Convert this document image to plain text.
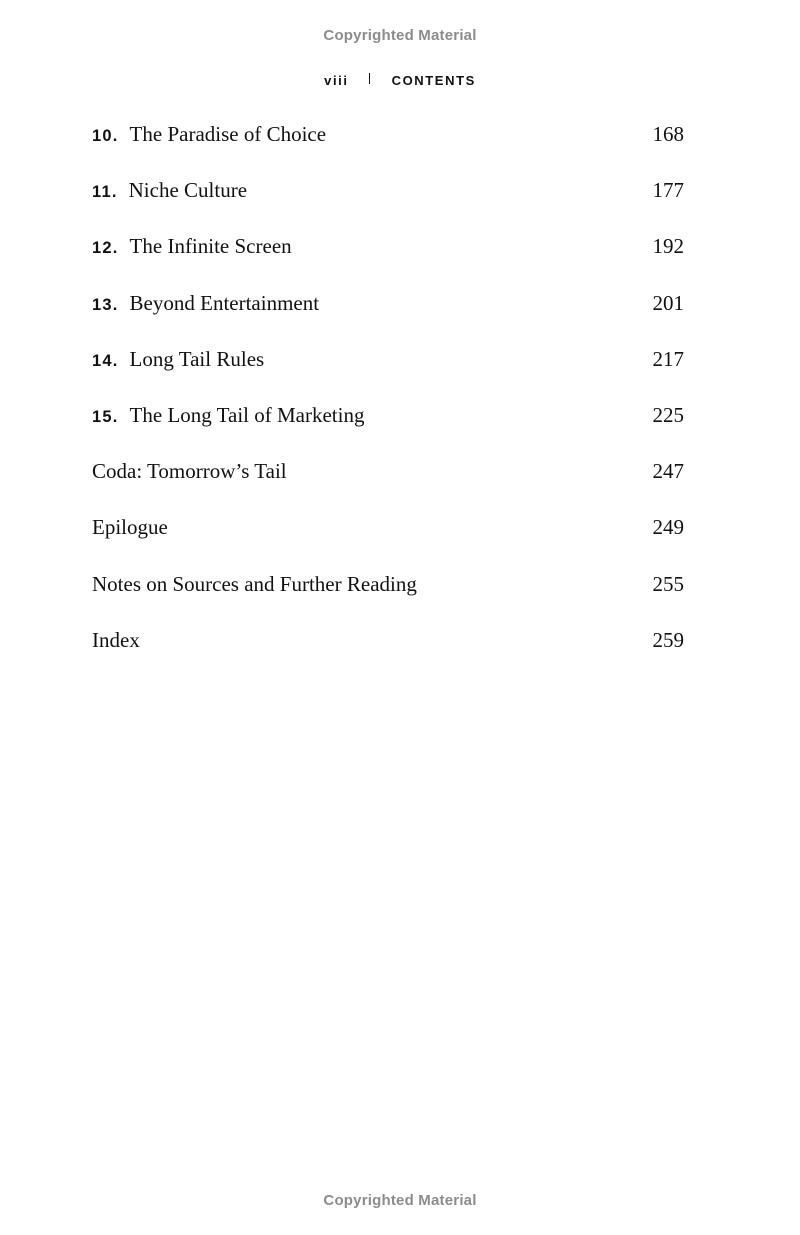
Copyrighted Material
viii	CONTENTS
10. The Paradise of Choice	168
11. Niche Culture	177
12. The Infinite Screen	192
13. Beyond Entertainment	201
14. Long Tail Rules	217
15. The Long Tail of Marketing	225
Coda: Tomorrow’s Tail	247
Epilogue	249
Notes on Sources and Further Reading	255
Index	259
Copyrighted Material
